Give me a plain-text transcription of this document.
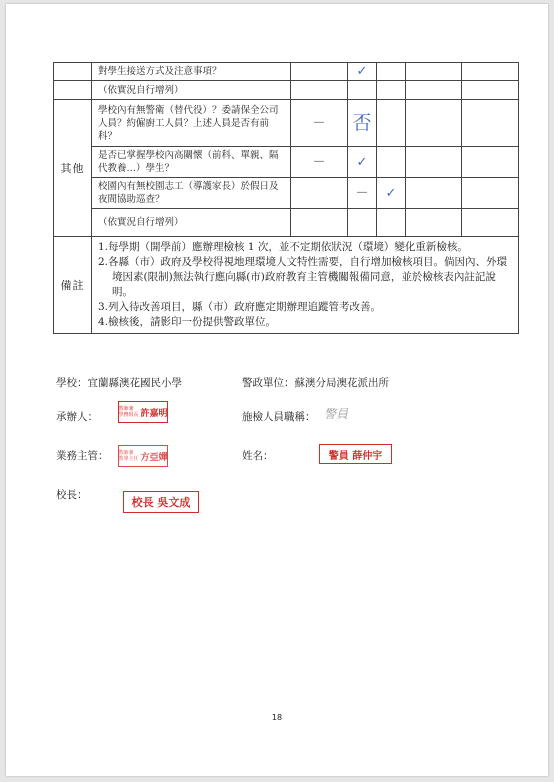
	對學生接送方式及注意事項？		✓			
	（依實況自行增列）					
其他	學校內有無警衛（替代役）？委請保全公司人員？約僱廚工人員？上述人員是否有前科？	－	否			
	是否已掌握學校內高關懷（前科、單親、隔代教養…）學生？	－	✓			
	校園內有無校園志工（導護家長）於假日及夜間協助巡查？		－	✓		
	（依實況自行增列）					
備註	1.每學期（開學前）應辦理檢核 1 次，並不定期依狀況（環境）變化重新檢核。
2.各縣（市）政府及學校得視地理環境人文特性需要，自行增加檢核項目。倘因內、外環境因素(限制)無法執行應向縣(市)政府教育主管機關報備同意，並於檢核表內註記說明。
3.列入待改善項目，縣（市）政府應定期辦理追蹤管考改善。
4.檢核後，請影印一份提供警政單位。					
學校：宜蘭縣澳花國民小學	警政單位：蘇澳分局澳花派出所
承辦人：
教師兼
學務組長 許嘉明	施檢人員職稱： 警員
業務主管： 教師兼
教導主任 方亞嬋	姓名：	警員 薛仲宇
校長：
校長 吳文成
18
